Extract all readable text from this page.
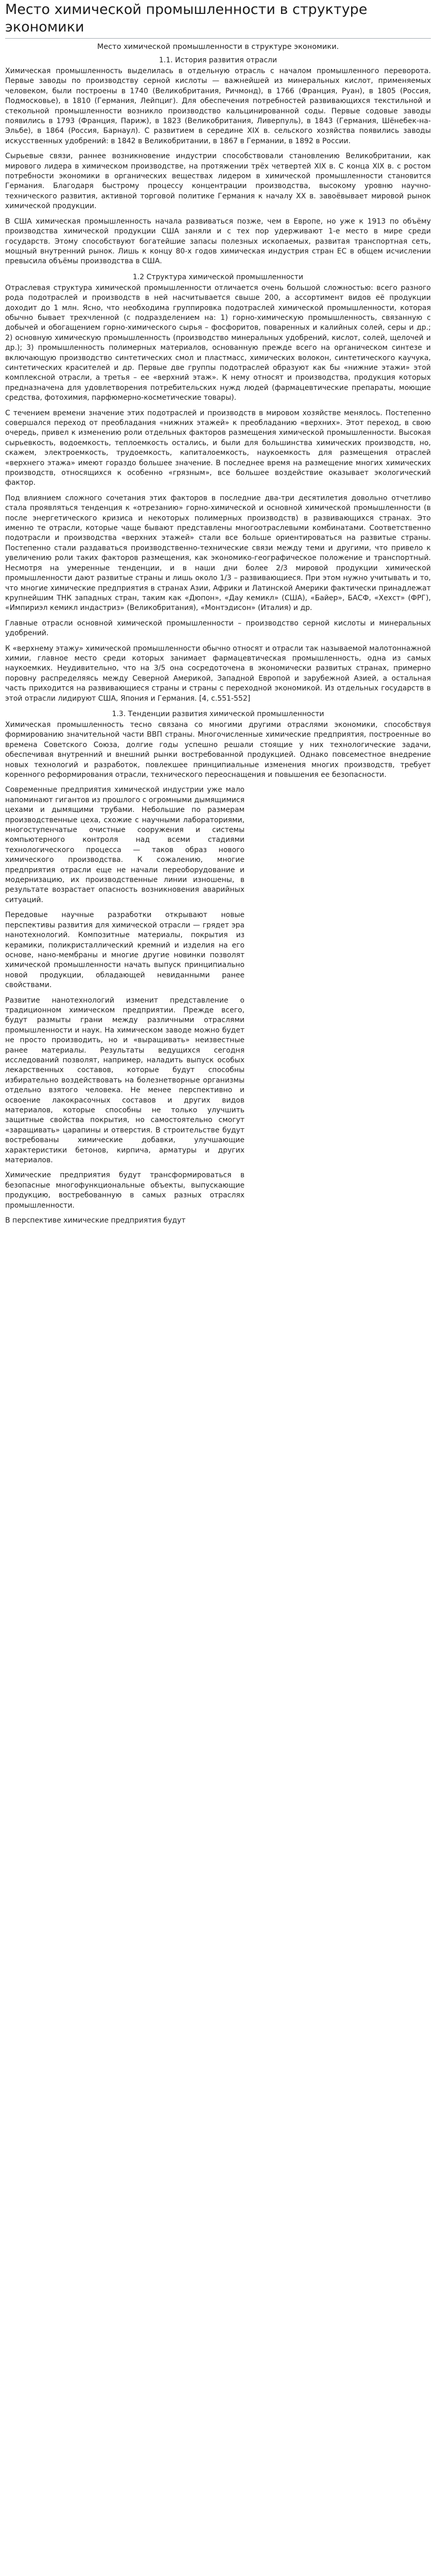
Место химической промышленности в структуре экономики
Место химической промышленности в структуре экономики.
1.1. История развития отрасли

Химическая промышленность выделилась в отдельную отрасль с началом промышленного переворота. Первые заводы по производству серной кислоты — важнейшей из минеральных кислот, применяемых человеком, были построены в 1740 (Великобритания, Ричмонд), в 1766 (Франция, Руан), в 1805 (Россия, Подмосковье), в 1810 (Германия, Лейпциг). Для обеспечения потребностей развивающихся текстильной и стекольной промышленности возникло производство кальцинированной соды. Первые содовые заводы появились в 1793 (Франция, Париж), в 1823 (Великобритания, Ливерпуль), в 1843 (Германия, Шёнебек-на-Эльбе), в 1864 (Россия, Барнаул). С развитием в середине XIX в. сельского хозяйства появились заводы искусственных удобрений: в 1842 в Великобритании, в 1867 в Германии, в 1892 в России.

Сырьевые связи, раннее возникновение индустрии способствовали становлению Великобритании, как мирового лидера в химическом производстве, на протяжении трёх четвертей XIX в. С конца XIX в. с ростом потребности экономики в органических веществах лидером в химической промышленности становится Германия. Благодаря быстрому процессу концентрации производства, высокому уровню научно-технического развития, активной торговой политике Германия к началу XX в. завоёвывает мировой рынок химической продукции.

В США химическая промышленность начала развиваться позже, чем в Европе, но уже к 1913 по объёму производства химической продукции США заняли и с тех пор удерживают 1-е место в мире среди государств. Этому способствуют богатейшие запасы полезных ископаемых, развитая транспортная сеть, мощный внутренний рынок. Лишь к концу 80-х годов химическая индустрия стран ЕС в общем исчислении превысила объёмы производства в США.

1.2 Структура химической промышленности

Отраслевая структура химической промышленности отличается очень большой сложностью: всего разного рода подотраслей и производств в ней насчитывается свыше 200, а ассортимент видов её продукции доходит до 1 млн. Ясно, что необходима группировка подотраслей химической промышленности, которая обычно бывает трехчленной (с подразделением на: 1) горно-химическую промышленность, связанную с добычей и обогащением горно-химического сырья – фосфоритов, поваренных и калийных солей, серы и др.; 2) основную химическую промышленность (производство минеральных удобрений, кислот, солей, щелочей и др.); 3) промышленность полимерных материалов, основанную прежде всего на органическом синтезе и включающую производство синтетических смол и пластмасс, химических волокон, синтетического каучука, синтетических красителей и др. Первые две группы подотраслей образуют как бы «нижние этажи» этой комплексной отрасли, а третья – ее «верхний этаж». К нему относят и производства, продукция которых предназначена для удовлетворения потребительских нужд людей (фармацевтические препараты, моющие средства, фотохимия, парфюмерно-косметические товары).

С течением времени значение этих подотраслей и производств в мировом хозяйстве менялось. Постепенно совершался переход от преобладания «нижних этажей» к преобладанию «верхних». Этот переход, в свою очередь, привел к изменению роли отдельных факторов размещения химической промышленности. Высокая сырьевкость, водоемкость, теплоемкость остались, и были для большинства химических производств, но, скажем, электроемкость, трудоемкость, капиталоемкость, наукоемкость для размещения отраслей «верхнего этажа» имеют гораздо большее значение. В последнее время на размещение многих химических производств, относящихся к особенно «грязным», все большее воздействие оказывает экологический фактор.

Под влиянием сложного сочетания этих факторов в последние два-три десятилетия довольно отчетливо стала проявляться тенденция к «отрезанию» горно-химической и основной химической промышленности (в после энергетического кризиса и некоторых полимерных производств) в развивающихся странах. Это именно те отрасли, которые чаще бывают представлены многоотраслевыми комбинатами. Соответственно подотрасли и производства «верхних этажей» стали все больше ориентироваться на развитые страны. Постепенно стали раздаваться производственно-технические связи между теми и другими, что привело к увеличению роли таких факторов размещения, как экономико-географическое положение и транспортный. Несмотря на умеренные тенденции, и в наши дни более 2/3 мировой продукции химической промышленности дают развитые страны и лишь около 1/3 – развивающиеся. При этом нужно учитывать и то, что многие химические предприятия в странах Азии, Африки и Латинской Америки фактически принадлежат крупнейшим ТНК западных стран, таким как «Дюпон», «Дау кемикл» (США), «Байер», БАСФ, «Хехст» (ФРГ), «Импириэл кемикл индастриз» (Великобритания), «Монтэдисон» (Италия) и др.

Главные отрасли основной химической промышленности – производство серной кислоты и минеральных удобрений.

К «верхнему этажу» химической промышленности обычно относят и отрасли так называемой малотоннажной химии, главное место среди которых занимает фармацевтическая промышленность, одна из самых наукоемких. Неудивительно, что на 3/5 она сосредоточена в экономически развитых странах, примерно поровну распределяясь между Северной Америкой, Западной Европой и зарубежной Азией, а остальная часть приходится на развивающиеся страны и страны с переходной экономикой. Из отдельных государств в этой отрасли лидируют США, Япония и Германия. [4, с.551-552]

1.3. Тенденции развития химической промышленности

Химическая промышленность тесно связана со многими другими отраслями экономики, способствуя формированию значительной части ВВП страны. Многочисленные химические предприятия, построенные во времена Советского Союза, долгие годы успешно решали стоящие у них технологические задачи, обеспечивая внутренний и внешний рынки востребованной продукцией. Однако повсеместное внедрение новых технологий и разработок, повлекшее принципиальные изменения многих производств, требует коренного реформирования отрасли, технического переоснащения и повышения ее безопасности.

Современные предприятия химической индустрии уже мало напоминают гигантов из прошлого с огромными дымящимися цехами и дымящими трубами. Небольшие по размерам производственные цеха, схожие с научными лабораториями, многоступенчатые очистные сооружения и системы компьютерного контроля над всеми стадиями технологического процесса — таков образ нового химического производства. К сожалению, многие предприятия отрасли еще не начали переоборудование и модернизацию, их производственные линии изношены, в результате возрастает опасность возникновения аварийных ситуаций.

Передовые научные разработки открывают новые перспективы развития для химической отрасли — грядет эра нанотехнологий. Композитные материалы, покрытия из керамики, поликристаллический кремний и изделия на его основе, нано-мембраны и многие другие новинки позволят химической промышленности начать выпуск принципиально новой продукции, обладающей невиданными ранее свойствами.

Развитие нанотехнологий изменит представление о традиционном химическом предприятии. Прежде всего, будут размыты грани между различными отраслями промышленности и наук. На химическом заводе можно будет не просто производить, но и «выращивать» неизвестные ранее материалы. Результаты ведущихся сегодня исследований позволят, например, наладить выпуск особых лекарственных составов, которые будут способны избирательно воздействовать на болезнетворные организмы отдельно взятого человека. Не менее перспективно и освоение лакокрасочных составов и других видов материалов, которые способны не только улучшить защитные свойства покрытия, но самостоятельно смогут «заращивать» царапины и отверстия. В строительстве будут востребованы химические добавки, улучшающие характеристики бетонов, кирпича, арматуры и других материалов.

Химические предприятия будут трансформироваться в безопасные многофункциональные объекты, выпускающие продукцию, востребованную в самых разных отраслях промышленности.

В перспективе химические предприятия будут
